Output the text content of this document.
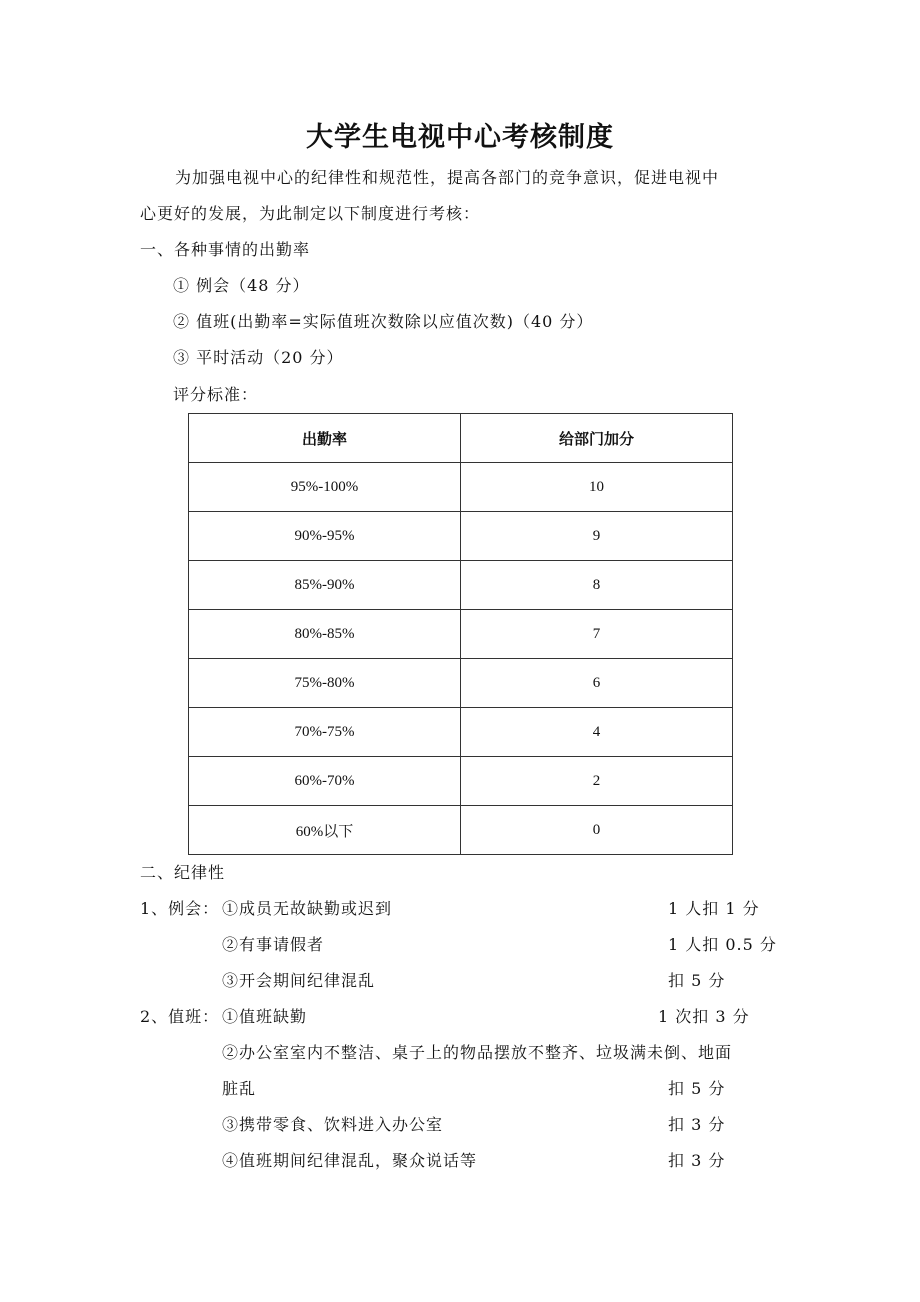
大学生电视中心考核制度
为加强电视中心的纪律性和规范性，提高各部门的竞争意识，促进电视中
心更好的发展，为此制定以下制度进行考核：
一、各种事情的出勤率
① 例会（48 分）
② 值班(出勤率=实际值班次数除以应值次数)（40 分）
③ 平时活动（20 分）
评分标准：
出勤率	给部门加分
95%-100%	10
90%-95%	9
85%-90%	8
80%-85%	7
75%-80%	6
70%-75%	4
60%-70%	2
60%以下	0
二、纪律性
1、例会： ①成员无故缺勤或迟到	1 人扣 1 分
②有事请假者	1 人扣 0.5 分
③开会期间纪律混乱	扣 5 分
2、值班： ①值班缺勤	1 次扣 3 分
②办公室室内不整洁、桌子上的物品摆放不整齐、垃圾满未倒、地面
脏乱	扣 5 分
③携带零食、饮料进入办公室	扣 3 分
④值班期间纪律混乱，聚众说话等	扣 3 分
